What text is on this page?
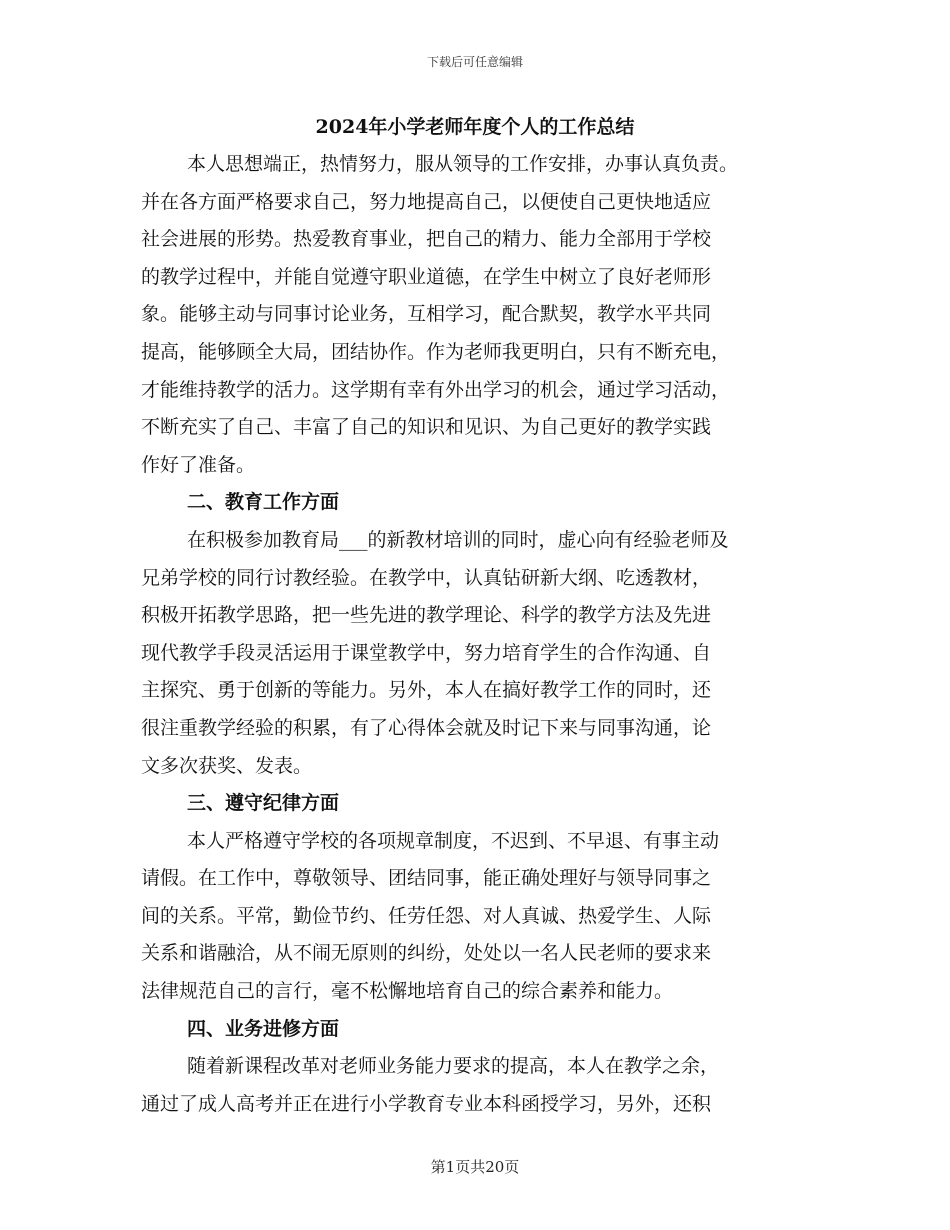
下载后可任意编辑
2024年小学老师年度个人的工作总结
本人思想端正，热情努力，服从领导的工作安排，办事认真负责。
并在各方面严格要求自己，努力地提高自己，以便使自己更快地适应
社会进展的形势。热爱教育事业，把自己的精力、能力全部用于学校
的教学过程中，并能自觉遵守职业道德，在学生中树立了良好老师形
象。能够主动与同事讨论业务，互相学习，配合默契，教学水平共同
提高，能够顾全大局，团结协作。作为老师我更明白，只有不断充电，
才能维持教学的活力。这学期有幸有外出学习的机会，通过学习活动，
不断充实了自己、丰富了自己的知识和见识、为自己更好的教学实践
作好了准备。
二、教育工作方面
在积极参加教育局___的新教材培训的同时，虚心向有经验老师及
兄弟学校的同行讨教经验。在教学中，认真钻研新大纲、吃透教材，
积极开拓教学思路，把一些先进的教学理论、科学的教学方法及先进
现代教学手段灵活运用于课堂教学中，努力培育学生的合作沟通、自
主探究、勇于创新的等能力。另外，本人在搞好教学工作的同时，还
很注重教学经验的积累，有了心得体会就及时记下来与同事沟通，论
文多次获奖、发表。
三、遵守纪律方面
本人严格遵守学校的各项规章制度，不迟到、不早退、有事主动
请假。在工作中，尊敬领导、团结同事，能正确处理好与领导同事之
间的关系。平常，勤俭节约、任劳任怨、对人真诚、热爱学生、人际
关系和谐融洽，从不闹无原则的纠纷，处处以一名人民老师的要求来
法律规范自己的言行，毫不松懈地培育自己的综合素养和能力。
四、业务进修方面
随着新课程改革对老师业务能力要求的提高，本人在教学之余，
通过了成人高考并正在进行小学教育专业本科函授学习，另外，还积
第1页共20页
